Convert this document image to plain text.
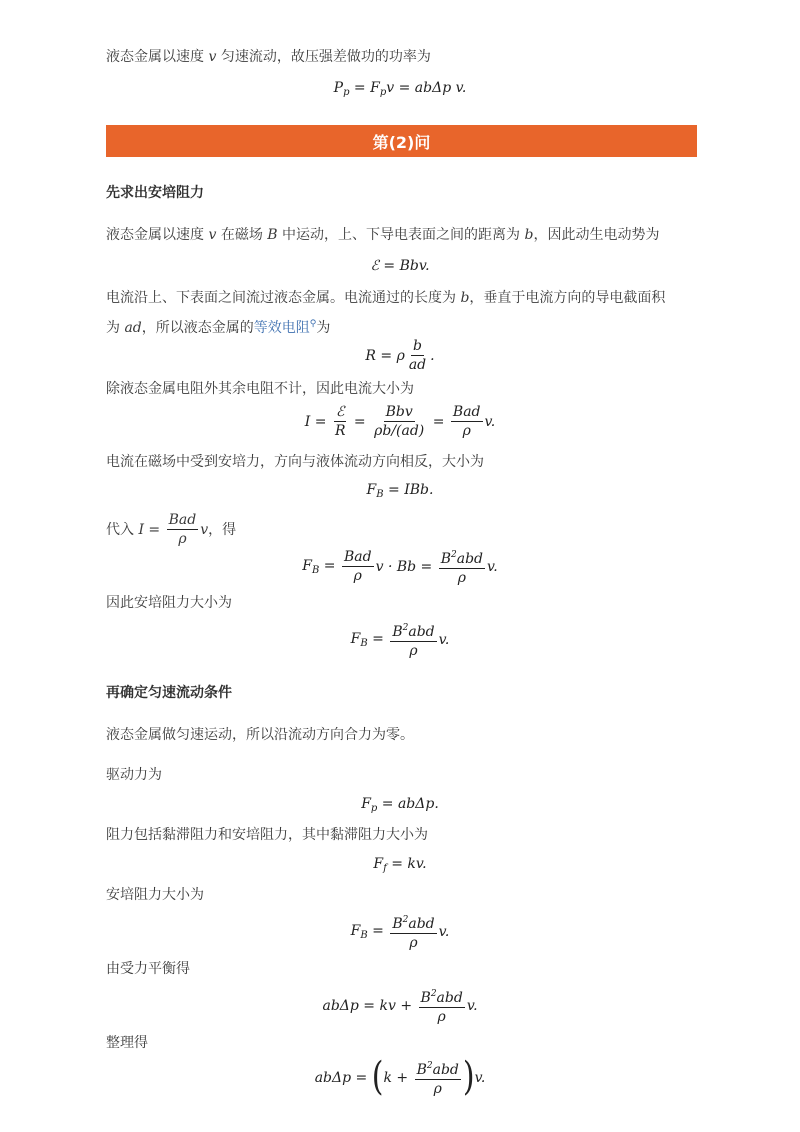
液态金属以速度 v 匀速流动，故压强差做功的功率为
$P_p = F_pv = ab\Delta p$ v.
第(2)问
先求出安培阻力
液态金属以速度 v 在磁场 B 中运动，上、下导电表面之间的距离为 b，因此动生电动势为
ℰ = Bbv.
电流沿上、下表面之间流过液态金属。电流通过的长度为 b，垂直于电流方向的导电截面积
为 ad，所以液态金属的等效电阻⚲为
R = ρ $\frac{b}{ad}$ .
除液态金属电阻外其余电阻不计，因此电流大小为
$I = \frac{\text{ℰ}}{R} = \frac{\text{Bbv}}{\rho b/(ad)} = \frac{\text{Bad}}{\rho} v$.
电流在磁场中受到安培力，方向与液体流动方向相反，大小为
$F_B$ = IBb.
代入 $I = \frac{\text{Bad}}{\rho}$ v，得
$F_B = \frac{\text{Bad}}{\rho}$ $v \cdot Bb = \frac{B^2abd}{\rho} v$.
因此安培阻力大小为
$F_B = \frac{B^2abd}{\rho} v$.
再确定匀速流动条件
液态金属做匀速运动，所以沿流动方向合力为零。
驱动力为
$F_p = ab\Delta p$.
阻力包括黏滞阻力和安培阻力，其中黏滞阻力大小为
$F_f$ = kv.
安培阻力大小为
$F_B = \frac{B^2abd}{\rho} v$.
由受力平衡得
abΔp = kv + $\frac{B^2abd}{\rho} v$.
整理得
abΔp = ( $k + \frac{B^2abd}{\rho}$ ) v.
